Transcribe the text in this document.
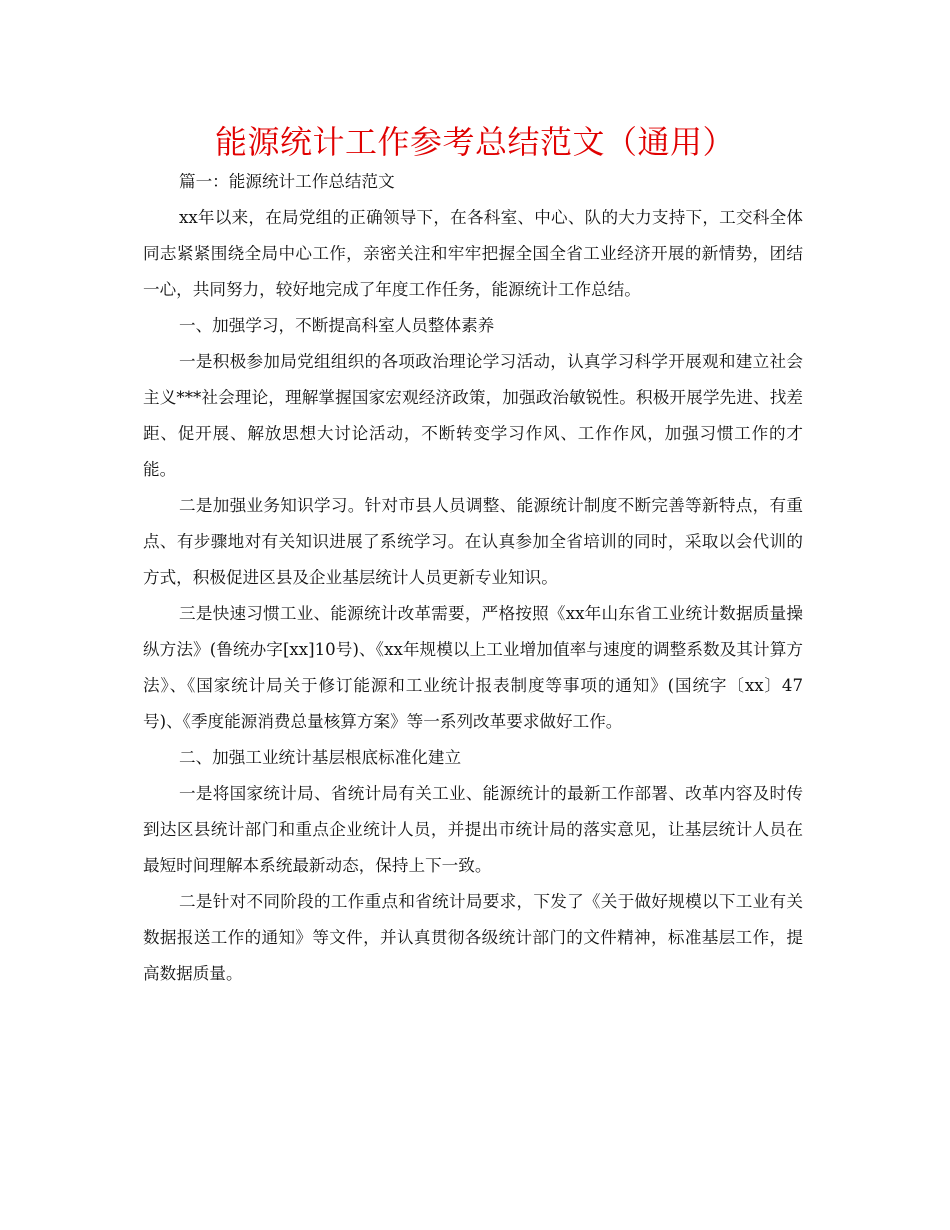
能源统计工作参考总结范文（通用）

篇一：能源统计工作总结范文

xx年以来，在局党组的正确领导下，在各科室、中心、队的大力支持下，工交科全体同志紧紧围绕全局中心工作，亲密关注和牢牢把握全国全省工业经济开展的新情势，团结一心，共同努力，较好地完成了年度工作任务，能源统计工作总结。

一、加强学习，不断提高科室人员整体素养

一是积极参加局党组组织的各项政治理论学习活动，认真学习科学开展观和建立社会主义***社会理论，理解掌握国家宏观经济政策，加强政治敏锐性。积极开展学先进、找差距、促开展、解放思想大讨论活动，不断转变学习作风、工作作风，加强习惯工作的才能。

二是加强业务知识学习。针对市县人员调整、能源统计制度不断完善等新特点，有重点、有步骤地对有关知识进展了系统学习。在认真参加全省培训的同时，采取以会代训的方式，积极促进区县及企业基层统计人员更新专业知识。

三是快速习惯工业、能源统计改革需要，严格按照《xx年山东省工业统计数据质量操纵方法》(鲁统办字[xx]10号)、《xx年规模以上工业增加值率与速度的调整系数及其计算方法》、《国家统计局关于修订能源和工业统计报表制度等事项的通知》(国统字〔xx〕47号)、《季度能源消费总量核算方案》等一系列改革要求做好工作。

二、加强工业统计基层根底标准化建立

一是将国家统计局、省统计局有关工业、能源统计的最新工作部署、改革内容及时传到达区县统计部门和重点企业统计人员，并提出市统计局的落实意见，让基层统计人员在最短时间理解本系统最新动态，保持上下一致。

二是针对不同阶段的工作重点和省统计局要求，下发了《关于做好规模以下工业有关数据报送工作的通知》等文件，并认真贯彻各级统计部门的文件精神，标准基层工作，提高数据质量。
